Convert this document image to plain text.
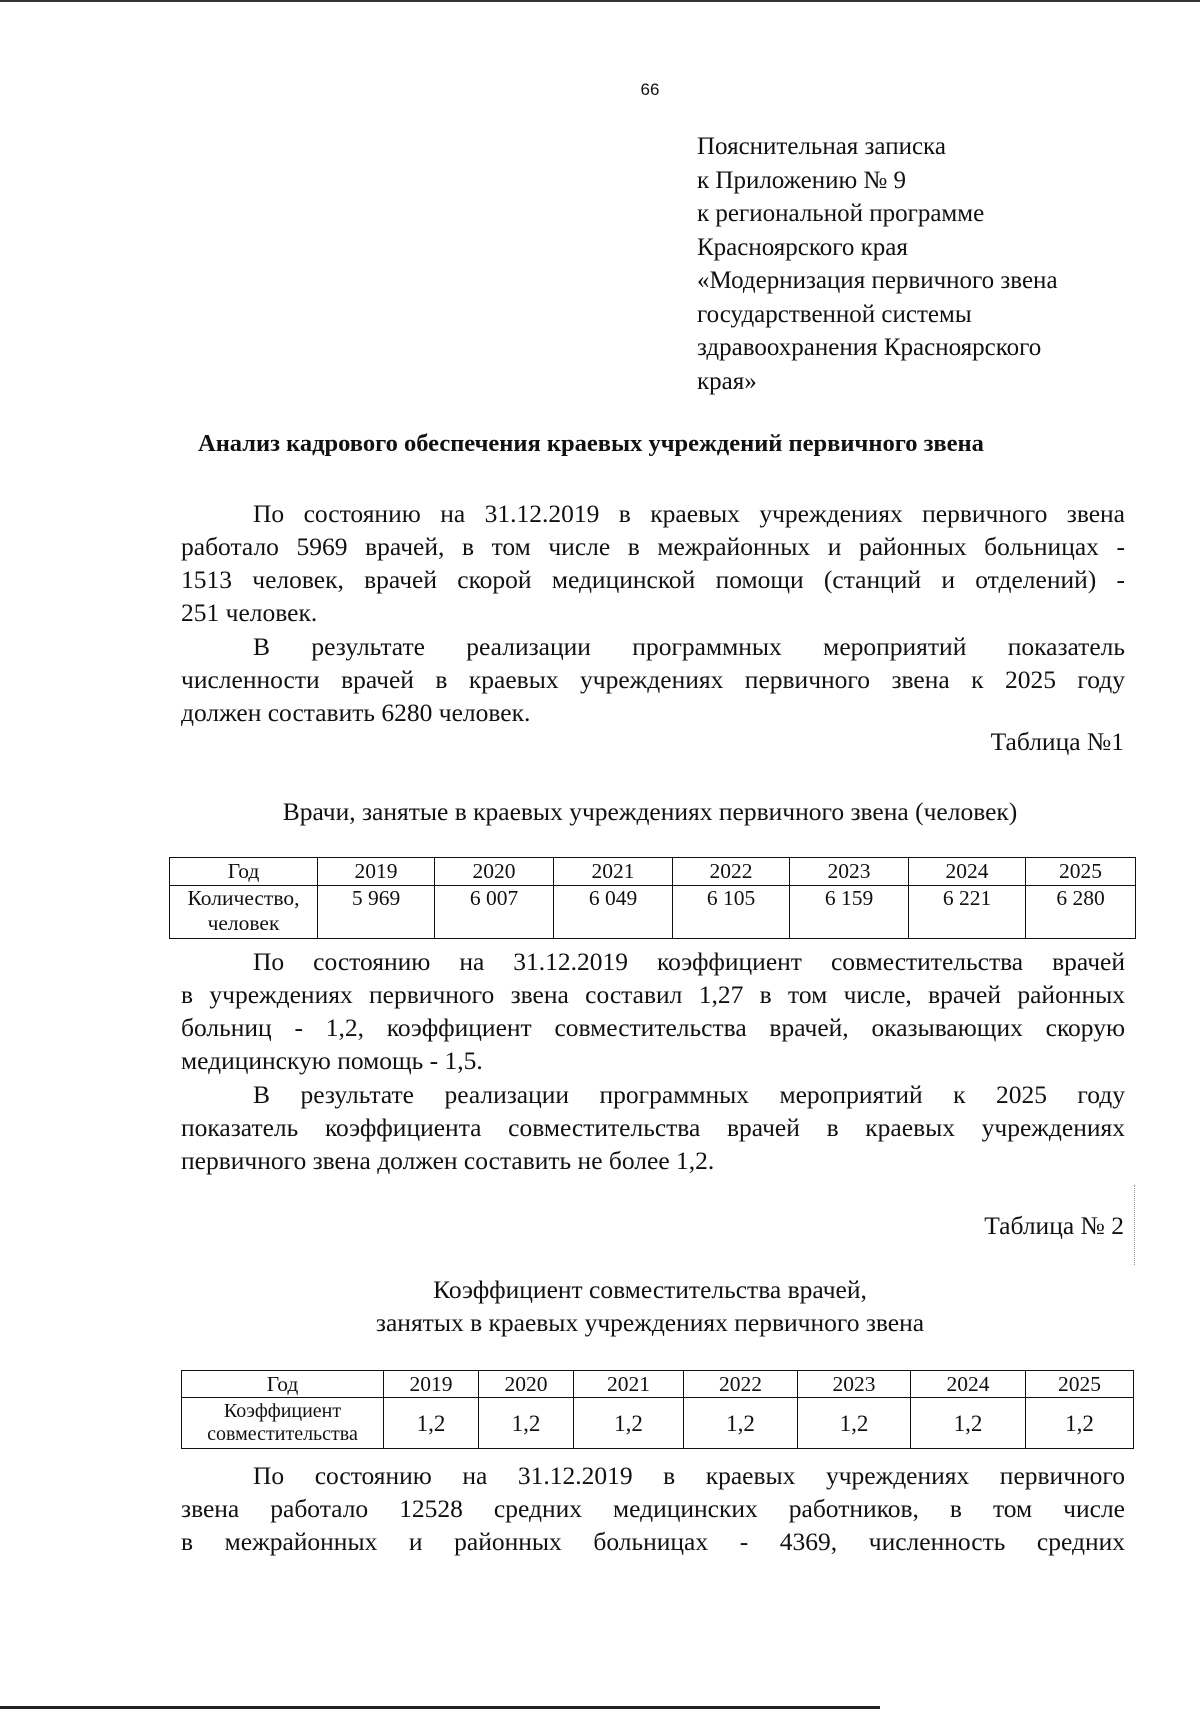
66
Пояснительная записка
к Приложению № 9
к региональной программе
Красноярского края
«Модернизация первичного звена
государственной системы
здравоохранения Красноярского
края»
Анализ кадрового обеспечения краевых учреждений первичного звена
По состоянию на 31.12.2019 в краевых учреждениях первичного звена
работало 5969 врачей, в том числе в межрайонных и районных больницах -
1513 человек, врачей скорой медицинской помощи (станций и отделений) -
251 человек.
В результате реализации программных мероприятий показатель
численности врачей в краевых учреждениях первичного звена к 2025 году
должен составить 6280 человек.
Таблица №1
Врачи, занятые в краевых учреждениях первичного звена (человек)
Год	2019	2020	2021	2022	2023	2024	2025
Количество, человек	5 969	6 007	6 049	6 105	6 159	6 221	6 280
По состоянию на 31.12.2019 коэффициент совместительства врачей
в учреждениях первичного звена составил 1,27 в том числе, врачей районных
больниц - 1,2, коэффициент совместительства врачей, оказывающих скорую
медицинскую помощь - 1,5.
В результате реализации программных мероприятий к 2025 году
показатель коэффициента совместительства врачей в краевых учреждениях
первичного звена должен составить не более 1,2.
Таблица № 2
Коэффициент совместительства врачей,
занятых в краевых учреждениях первичного звена
Год	2019	2020	2021	2022	2023	2024	2025
Коэффициент совместительства	1,2	1,2	1,2	1,2	1,2	1,2	1,2
По состоянию на 31.12.2019 в краевых учреждениях первичного
звена работало 12528 средних медицинских работников, в том числе
в межрайонных и районных больницах - 4369, численность средних
